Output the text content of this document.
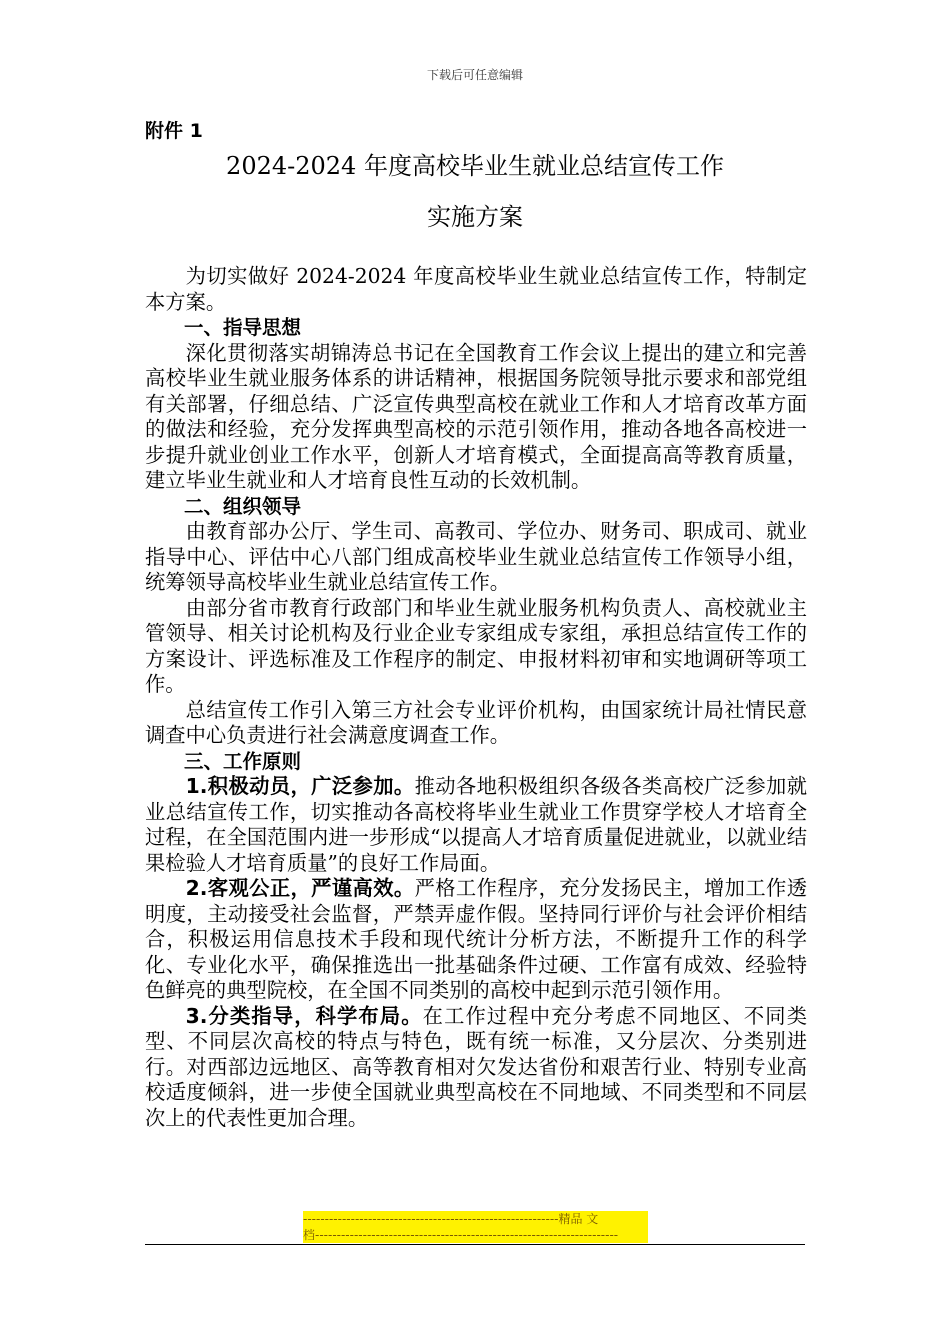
下载后可任意编辑
附件 1
2024-2024 年度高校毕业生就业总结宣传工作
实施方案

为切实做好 2024-2024 年度高校毕业生就业总结宣传工作，特制定本方案。

一、指导思想

深化贯彻落实胡锦涛总书记在全国教育工作会议上提出的建立和完善高校毕业生就业服务体系的讲话精神，根据国务院领导批示要求和部党组有关部署，仔细总结、广泛宣传典型高校在就业工作和人才培育改革方面的做法和经验，充分发挥典型高校的示范引领作用，推动各地各高校进一步提升就业创业工作水平，创新人才培育模式，全面提高高等教育质量，建立毕业生就业和人才培育良性互动的长效机制。

二、组织领导

由教育部办公厅、学生司、高教司、学位办、财务司、职成司、就业指导中心、评估中心八部门组成高校毕业生就业总结宣传工作领导小组，统筹领导高校毕业生就业总结宣传工作。

由部分省市教育行政部门和毕业生就业服务机构负责人、高校就业主管领导、相关讨论机构及行业企业专家组成专家组，承担总结宣传工作的方案设计、评选标准及工作程序的制定、申报材料初审和实地调研等项工作。

总结宣传工作引入第三方社会专业评价机构，由国家统计局社情民意调查中心负责进行社会满意度调查工作。

三、工作原则

1.积极动员，广泛参加。推动各地积极组织各级各类高校广泛参加就业总结宣传工作，切实推动各高校将毕业生就业工作贯穿学校人才培育全过程，在全国范围内进一步形成“以提高人才培育质量促进就业，以就业结果检验人才培育质量”的良好工作局面。

2.客观公正，严谨高效。严格工作程序，充分发扬民主，增加工作透明度，主动接受社会监督，严禁弄虚作假。坚持同行评价与社会评价相结合，积极运用信息技术手段和现代统计分析方法，不断提升工作的科学化、专业化水平，确保推选出一批基础条件过硬、工作富有成效、经验特色鲜亮的典型院校，在全国不同类别的高校中起到示范引领作用。

3.分类指导，科学布局。在工作过程中充分考虑不同地区、不同类型、不同层次高校的特点与特色，既有统一标准，又分层次、分类别进行。对西部边远地区、高等教育相对欠发达省份和艰苦行业、特别专业高校适度倾斜，进一步使全国就业典型高校在不同地域、不同类型和不同层次上的代表性更加合理。

-----------------------------------------------------------精品 文
档----------------------------------------------------------------------
